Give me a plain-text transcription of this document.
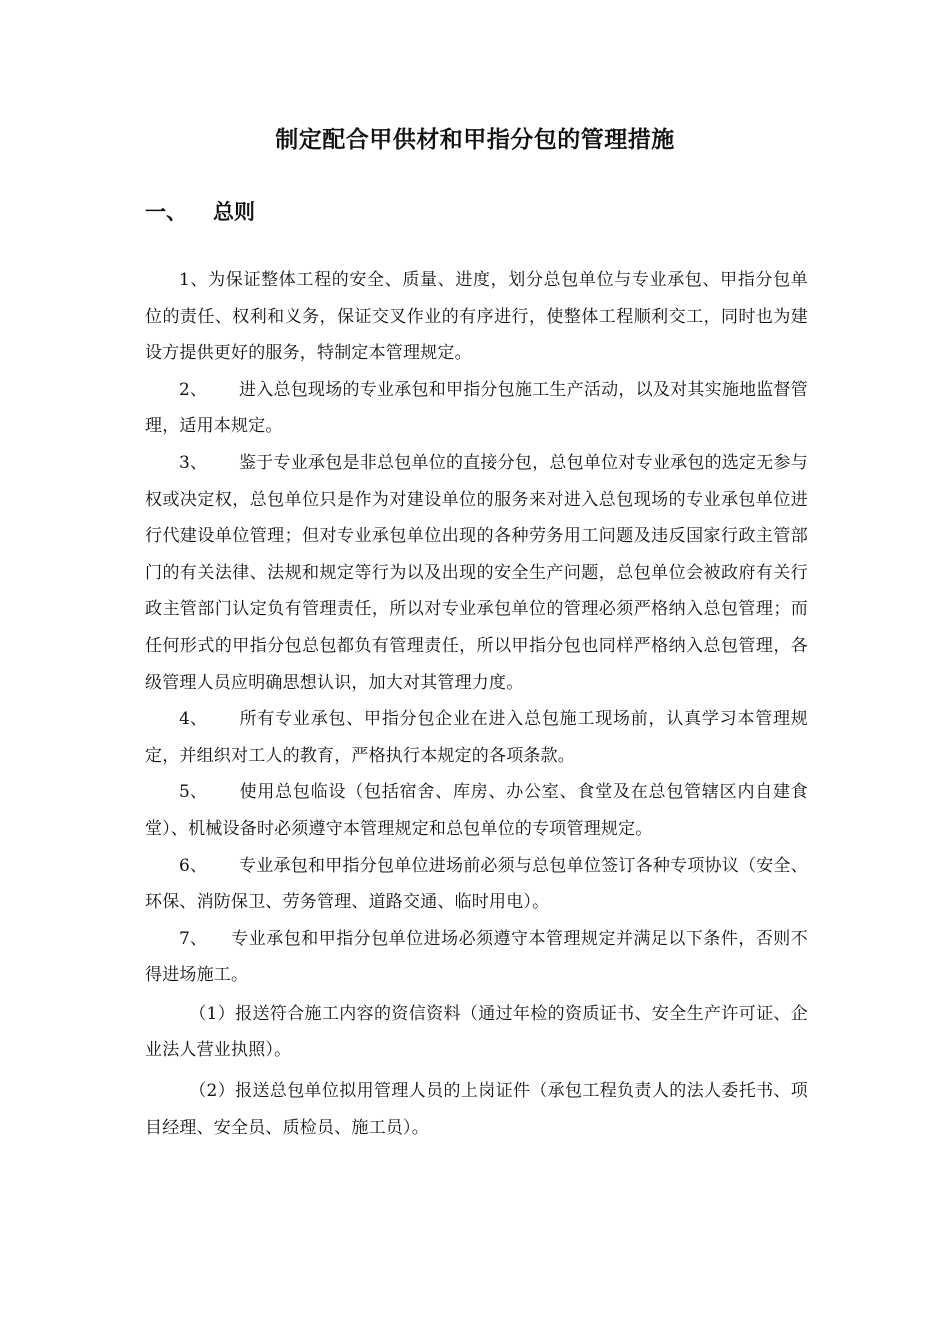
制定配合甲供材和甲指分包的管理措施
一、 总则

1、为保证整体工程的安全、质量、进度，划分总包单位与专业承包、甲指分包单位的责任、权利和义务，保证交叉作业的有序进行，使整体工程顺利交工，同时也为建设方提供更好的服务，特制定本管理规定。

2、 进入总包现场的专业承包和甲指分包施工生产活动，以及对其实施地监督管理，适用本规定。

3、 鉴于专业承包是非总包单位的直接分包，总包单位对专业承包的选定无参与权或决定权，总包单位只是作为对建设单位的服务来对进入总包现场的专业承包单位进行代建设单位管理；但对专业承包单位出现的各种劳务用工问题及违反国家行政主管部门的有关法律、法规和规定等行为以及出现的安全生产问题，总包单位会被政府有关行政主管部门认定负有管理责任，所以对专业承包单位的管理必须严格纳入总包管理；而任何形式的甲指分包总包都负有管理责任，所以甲指分包也同样严格纳入总包管理，各级管理人员应明确思想认识，加大对其管理力度。

4、 所有专业承包、甲指分包企业在进入总包施工现场前，认真学习本管理规定，并组织对工人的教育，严格执行本规定的各项条款。

5、 使用总包临设（包括宿舍、库房、办公室、食堂及在总包管辖区内自建食堂）、机械设备时必须遵守本管理规定和总包单位的专项管理规定。

6、 专业承包和甲指分包单位进场前必须与总包单位签订各种专项协议（安全、环保、消防保卫、劳务管理、道路交通、临时用电）。

7、 专业承包和甲指分包单位进场必须遵守本管理规定并满足以下条件，否则不得进场施工。

（1）报送符合施工内容的资信资料（通过年检的资质证书、安全生产许可证、企业法人营业执照）。

（2）报送总包单位拟用管理人员的上岗证件（承包工程负责人的法人委托书、项目经理、安全员、质检员、施工员）。
